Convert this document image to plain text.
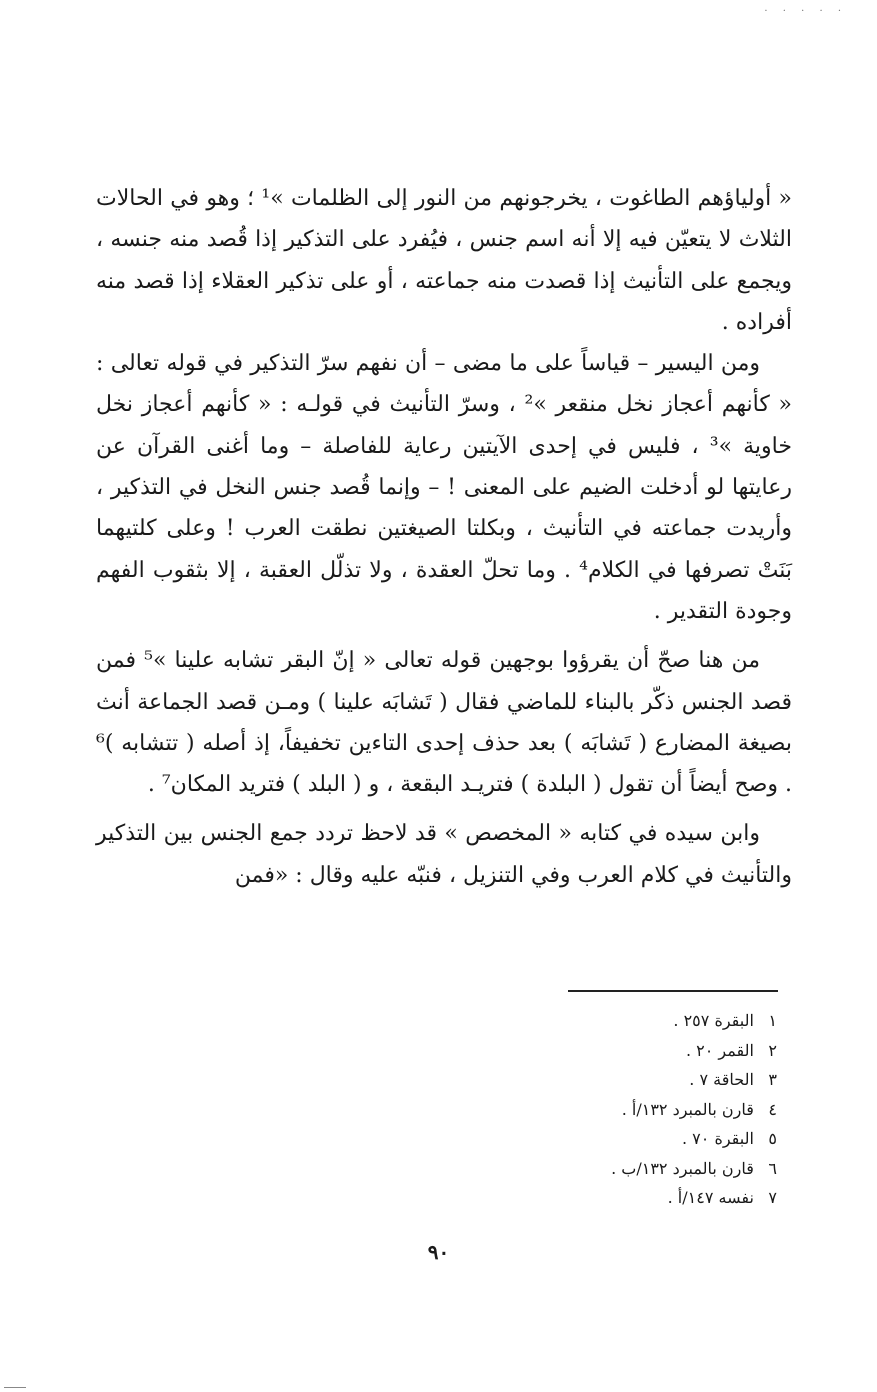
· · · · ·

« أولياؤهم الطاغوت ، يخرجونهم من النور إلى الظلمات »¹ ؛ وهو في الحالات الثلاث لا يتعيّن فيه إلا أنه اسم جنس ، فيُفرد على التذكير إذا قُصد منه جنسه ، ويجمع على التأنيث إذا قصدت منه جماعته ، أو على تذكير العقلاء إذا قصد منه أفراده .

ومن اليسير – قياساً على ما مضى – أن نفهم سرّ التذكير في قوله تعالى : « كأنهم أعجاز نخل منقعر »² ، وسرّ التأنيث في قولـه : « كأنهم أعجاز نخل خاوية »³ ، فليس في إحدى الآيتين رعاية للفاصلة – وما أغنى القرآن عن رعايتها لو أدخلت الضيم على المعنى ! – وإنما قُصد جنس النخل في التذكير ، وأريدت جماعته في التأنيث ، وبكلتا الصيغتين نطقت العرب ! وعلى كلتيهما بَنَتْ تصرفها في الكلام⁴ . وما تحلّ العقدة ، ولا تذلّل العقبة ، إلا بثقوب الفهم وجودة التقدير .

من هنا صحّ أن يقرؤوا بوجهين قوله تعالى « إنّ البقر تشابه علينا »⁵ فمن قصد الجنس ذكّر بالبناء للماضي فقال ( تَشابَه علينا ) ومـن قصد الجماعة أنث بصيغة المضارع ( تَشابَه ) بعد حذف إحدى التاءين تخفيفاً، إذ أصله ( تتشابه )⁶ . وصح أيضاً أن تقول ( البلدة ) فتريـد البقعة ، و ( البلد ) فتريد المكان⁷ .

وابن سيده في كتابه « المخصص » قد لاحظ تردد جمع الجنس بين التذكير والتأنيث في كلام العرب وفي التنزيل ، فنبّه عليه وقال : «فمن

١ البقرة ٢٥٧ .
٢ القمر ٢٠ .
٣ الحاقة ٧ .
٤ قارن بالمبرد ١٣٢/أ .
٥ البقرة ٧٠ .
٦ قارن بالمبرد ١٣٢/ب .
٧ نفسه ١٤٧/أ .
٩٠
